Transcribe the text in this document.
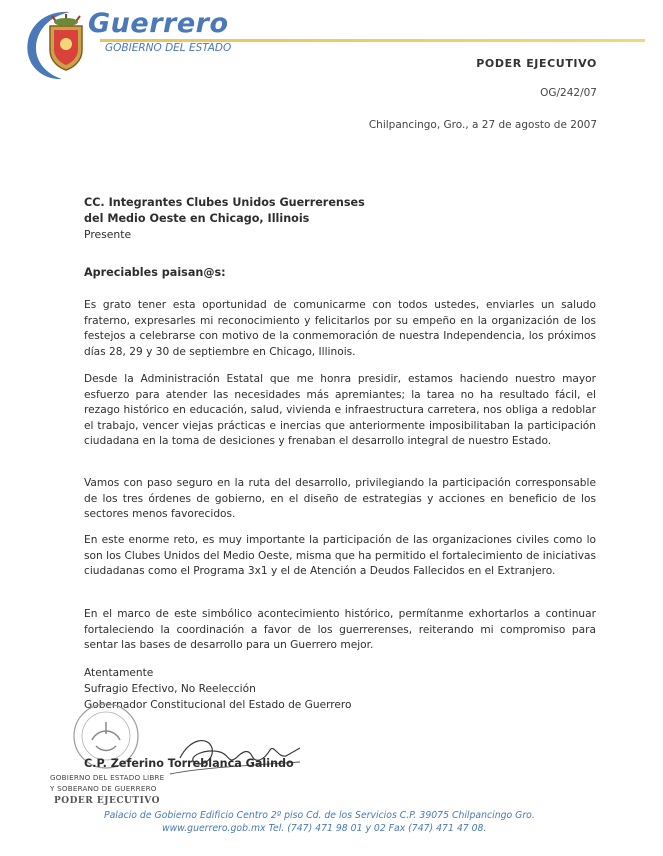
Guerrero
GOBIERNO DEL ESTADO
PODER EJECUTIVO
OG/242/07
Chilpancingo, Gro., a 27 de agosto de 2007
CC. Integrantes Clubes Unidos Guerrerenses
del Medio Oeste en Chicago, Illinois
Presente
Apreciables paisan@s:
Es grato tener esta oportunidad de comunicarme con todos ustedes, enviarles un saludo fraterno, expresarles mi reconocimiento y felicitarlos por su empeño en la organización de los festejos a celebrarse con motivo de la conmemoración de nuestra Independencia, los próximos días 28, 29 y 30 de septiembre en Chicago, Illinois.
Desde la Administración Estatal que me honra presidir, estamos haciendo nuestro mayor esfuerzo para atender las necesidades más apremiantes; la tarea no ha resultado fácil, el rezago histórico en educación, salud, vivienda e infraestructura carretera, nos obliga a redoblar el trabajo, vencer viejas prácticas e inercias que anteriormente imposibilitaban la participación ciudadana en la toma de desiciones y frenaban el desarrollo integral de nuestro Estado.
Vamos con paso seguro en la ruta del desarrollo, privilegiando la participación corresponsable de los tres órdenes de gobierno, en el diseño de estrategias y acciones en beneficio de los sectores menos favorecidos.
En este enorme reto, es muy importante la participación de las organizaciones civiles como lo son los Clubes Unidos del Medio Oeste, misma que ha permitido el fortalecimiento de iniciativas ciudadanas como el Programa 3x1 y el de Atención a Deudos Fallecidos en el Extranjero.
En el marco de este simbólico acontecimiento histórico, permítanme exhortarlos a continuar fortaleciendo la coordinación a favor de los guerrerenses, reiterando mi compromiso para sentar las bases de desarrollo para un Guerrero mejor.
Atentamente
Sufragio Efectivo, No Reelección
Gobernador Constitucional del Estado de Guerrero
C.P. Zeferino Torreblanca Galindo
GOBIERNO DEL ESTADO LIBRE
Y SOBERANO DE GUERRERO
PODER EJECUTIVO
Palacio de Gobierno Edificio Centro 2º piso Cd. de los Servicios C.P. 39075 Chilpancingo Gro.
www.guerrero.gob.mx Tel. (747) 471 98 01 y 02 Fax (747) 471 47 08.
